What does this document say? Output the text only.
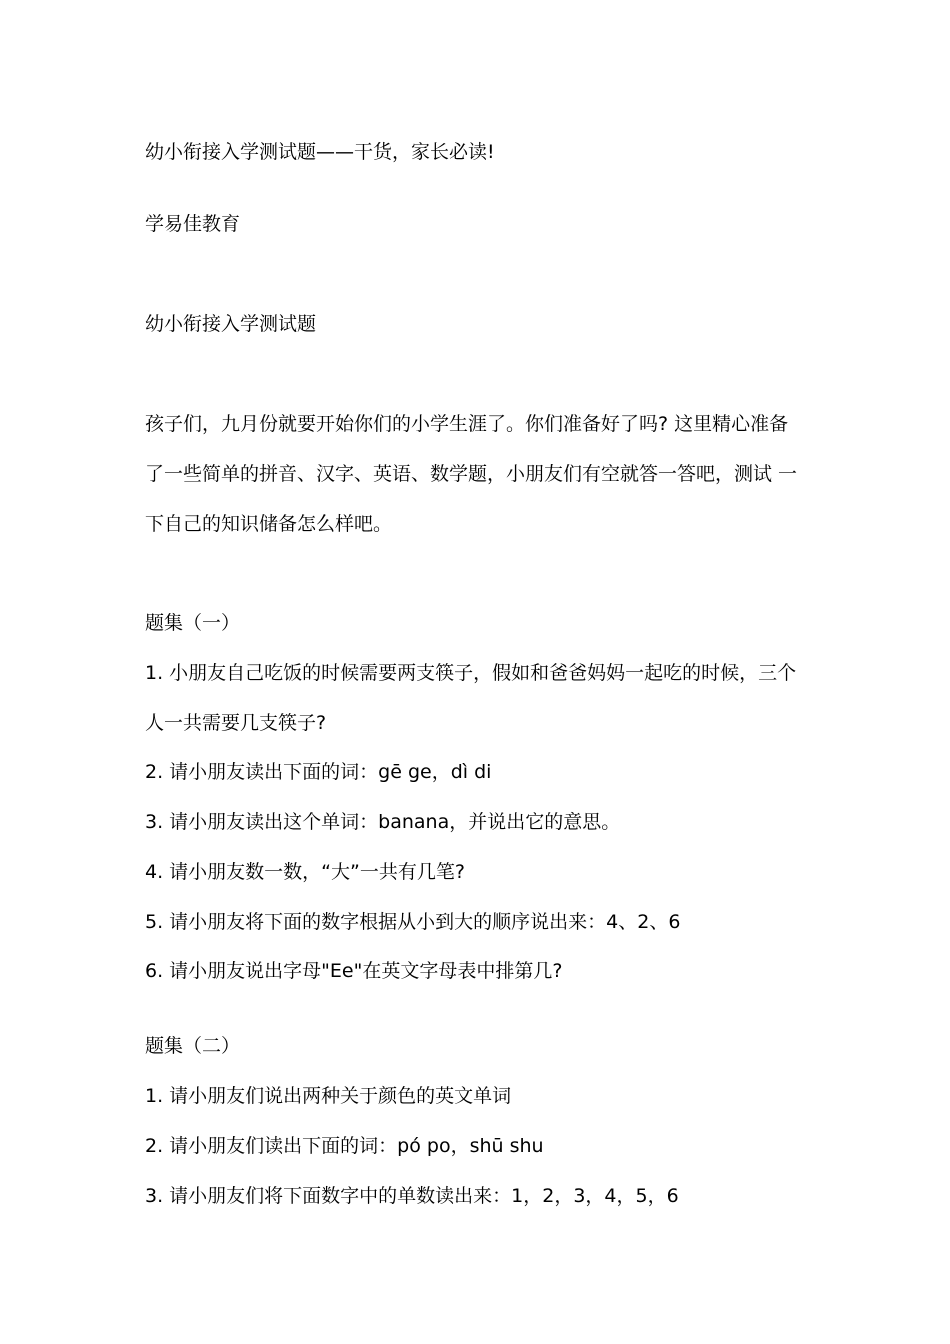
幼小衔接入学测试题——干货，家长必读!
学易佳教育
幼小衔接入学测试题
孩子们，九月份就要开始你们的小学生涯了。你们准备好了吗? 这里精心准备
了一些简单的拼音、汉字、英语、数学题，小朋友们有空就答一答吧，测试 一
下自己的知识储备怎么样吧。
题集（一）
1. 小朋友自己吃饭的时候需要两支筷子，假如和爸爸妈妈一起吃的时候，三个
人一共需要几支筷子?
2. 请小朋友读出下面的词：gē ge，dì di
3. 请小朋友读出这个单词：banana，并说出它的意思。
4. 请小朋友数一数，“大”一共有几笔?
5. 请小朋友将下面的数字根据从小到大的顺序说出来：4、2、6
6. 请小朋友说出字母"Ee"在英文字母表中排第几?
题集（二）
1. 请小朋友们说出两种关于颜色的英文单词
2. 请小朋友们读出下面的词：pó po，shū shu
3. 请小朋友们将下面数字中的单数读出来：1，2，3，4，5，6
